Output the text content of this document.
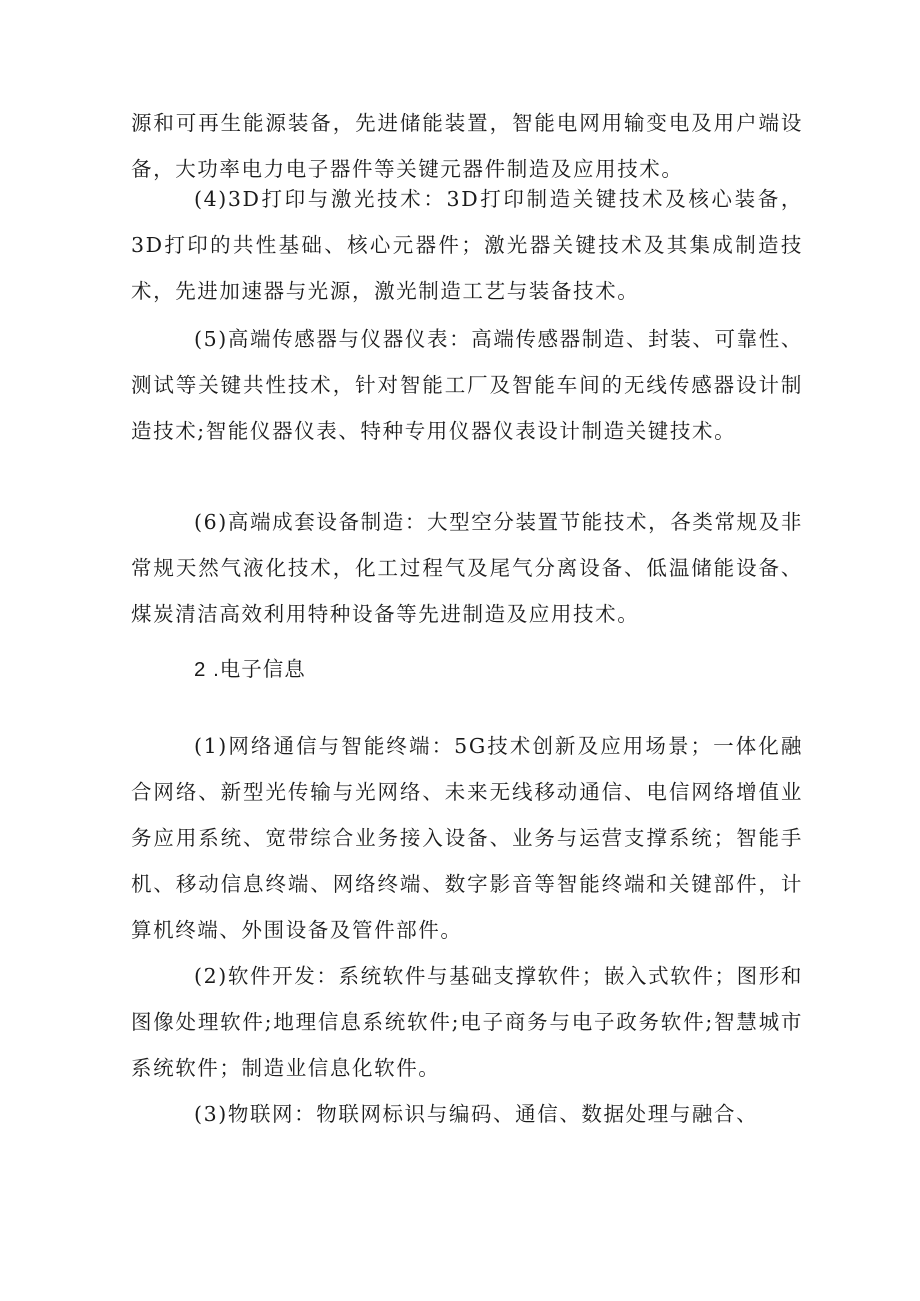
源和可再生能源装备，先进储能装置，智能电网用输变电及用户端设备，大功率电力电子器件等关键元器件制造及应用技术。

(4)3D打印与激光技术：3D打印制造关键技术及核心装备，3D打印的共性基础、核心元器件；激光器关键技术及其集成制造技术，先进加速器与光源，激光制造工艺与装备技术。

(5)高端传感器与仪器仪表：高端传感器制造、封装、可靠性、测试等关键共性技术，针对智能工厂及智能车间的无线传感器设计制造技术;智能仪器仪表、特种专用仪器仪表设计制造关键技术。

(6)高端成套设备制造：大型空分装置节能技术，各类常规及非常规天然气液化技术，化工过程气及尾气分离设备、低温储能设备、煤炭清洁高效利用特种设备等先进制造及应用技术。

2 .电子信息

(1)网络通信与智能终端：5G技术创新及应用场景；一体化融合网络、新型光传输与光网络、未来无线移动通信、电信网络增值业务应用系统、宽带综合业务接入设备、业务与运营支撑系统；智能手机、移动信息终端、网络终端、数字影音等智能终端和关键部件，计算机终端、外围设备及管件部件。

(2)软件开发：系统软件与基础支撑软件；嵌入式软件；图形和图像处理软件;地理信息系统软件;电子商务与电子政务软件;智慧城市系统软件；制造业信息化软件。

(3)物联网：物联网标识与编码、通信、数据处理与融合、
